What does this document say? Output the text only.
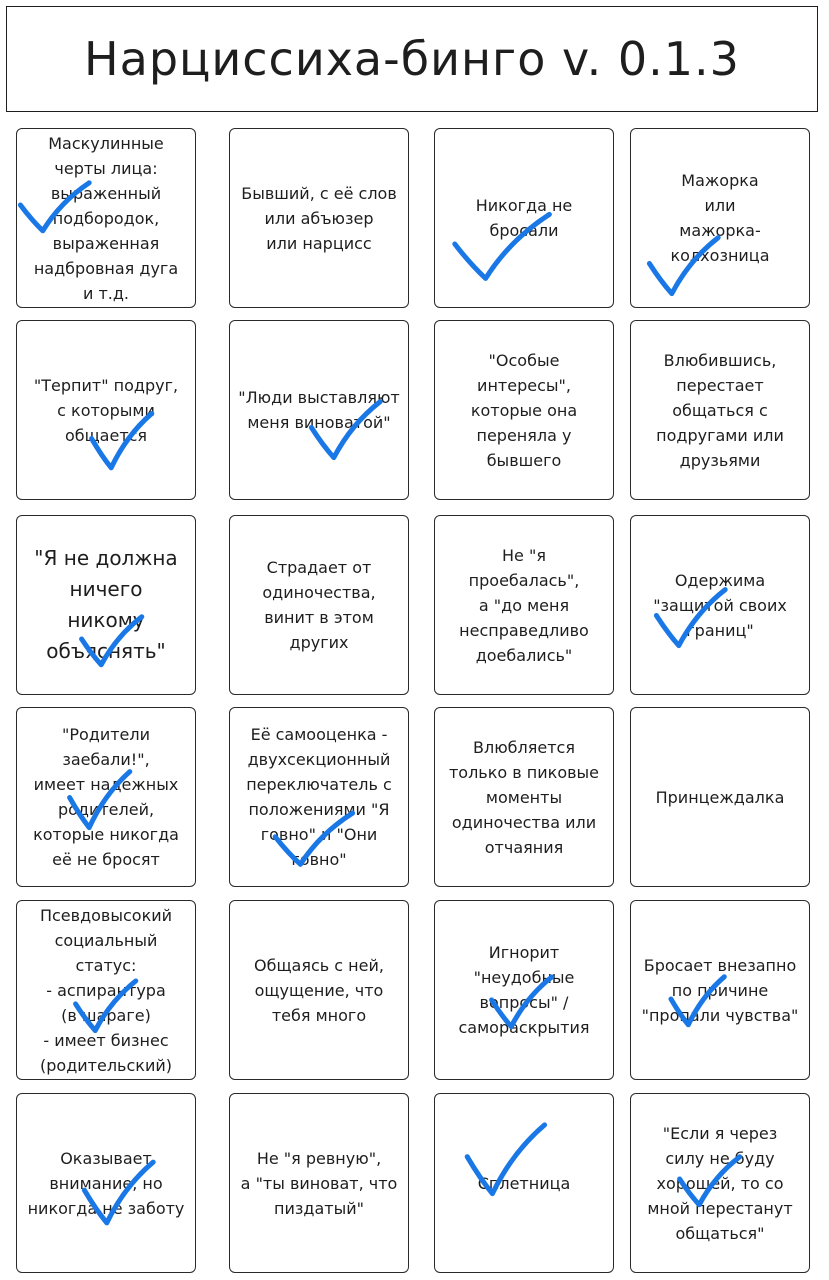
Нарциссиха-бинго v. 0.1.3
Маскулинные
черты лица:
выраженный
подбородок,
выраженная
надбровная дуга
и т.д.
Бывший, с её слов
или абъюзер
или нарцисс
Никогда не
бросали
Мажорка
или
мажорка-
колхозница
"Терпит" подруг,
с которыми
общается
"Люди выставляют
меня виноватой"
"Особые
интересы",
которые она
переняла у
бывшего
Влюбившись,
перестает
общаться с
подругами или
друзьями
"Я не должна
ничего
никому
объяснять"
Страдает от
одиночества,
винит в этом
других
Не "я
проебалась",
а "до меня
несправедливо
доебались"
Одержима
"защитой своих
границ"
"Родители
заебали!",
имеет надежных
родителей,
которые никогда
её не бросят
Её самооценка -
двухсекционный
переключатель с
положениями "Я
говно" и "Они
говно"
Влюбляется
только в пиковые
моменты
одиночества или
отчаяния
Принцеждалка
Псевдовысокий
социальный
статус:
- аспирантура
(в шараге)
- имеет бизнес
(родительский)
Общаясь с ней,
ощущение, что
тебя много
Игнорит
"неудобные
вопросы" /
самораскрытия
Бросает внезапно
по причине
"пропали чувства"
Оказывает
внимание, но
никогда не заботу
Не "я ревную",
а "ты виноват, что
пиздатый"
Сплетница
"Если я через
силу не буду
хорошей, то со
мной перестанут
общаться"
